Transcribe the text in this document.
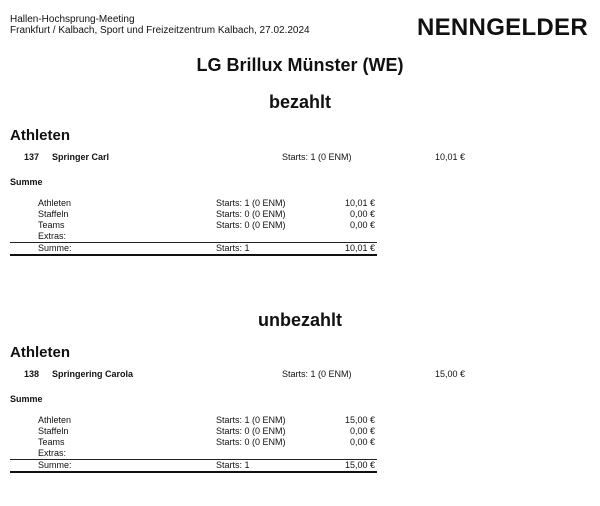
Hallen-Hochsprung-Meeting
Frankfurt / Kalbach, Sport und Freizeitzentrum Kalbach, 27.02.2024	NENNGELDER
LG Brillux Münster (WE)
bezahlt
Athleten
137 Springer Carl	Starts: 1 (0 ENM)	10,01 €
Summe
Athleten	Starts: 1 (0 ENM)	10,01 €
Staffeln	Starts: 0 (0 ENM)	0,00 €
Teams	Starts: 0 (0 ENM)	0,00 €
Extras:
Summe:	Starts: 1	10,01 €
unbezahlt
Athleten
138 Springering Carola	Starts: 1 (0 ENM)	15,00 €
Summe
Athleten	Starts: 1 (0 ENM)	15,00 €
Staffeln	Starts: 0 (0 ENM)	0,00 €
Teams	Starts: 0 (0 ENM)	0,00 €
Extras:
Summe:	Starts: 1	15,00 €
